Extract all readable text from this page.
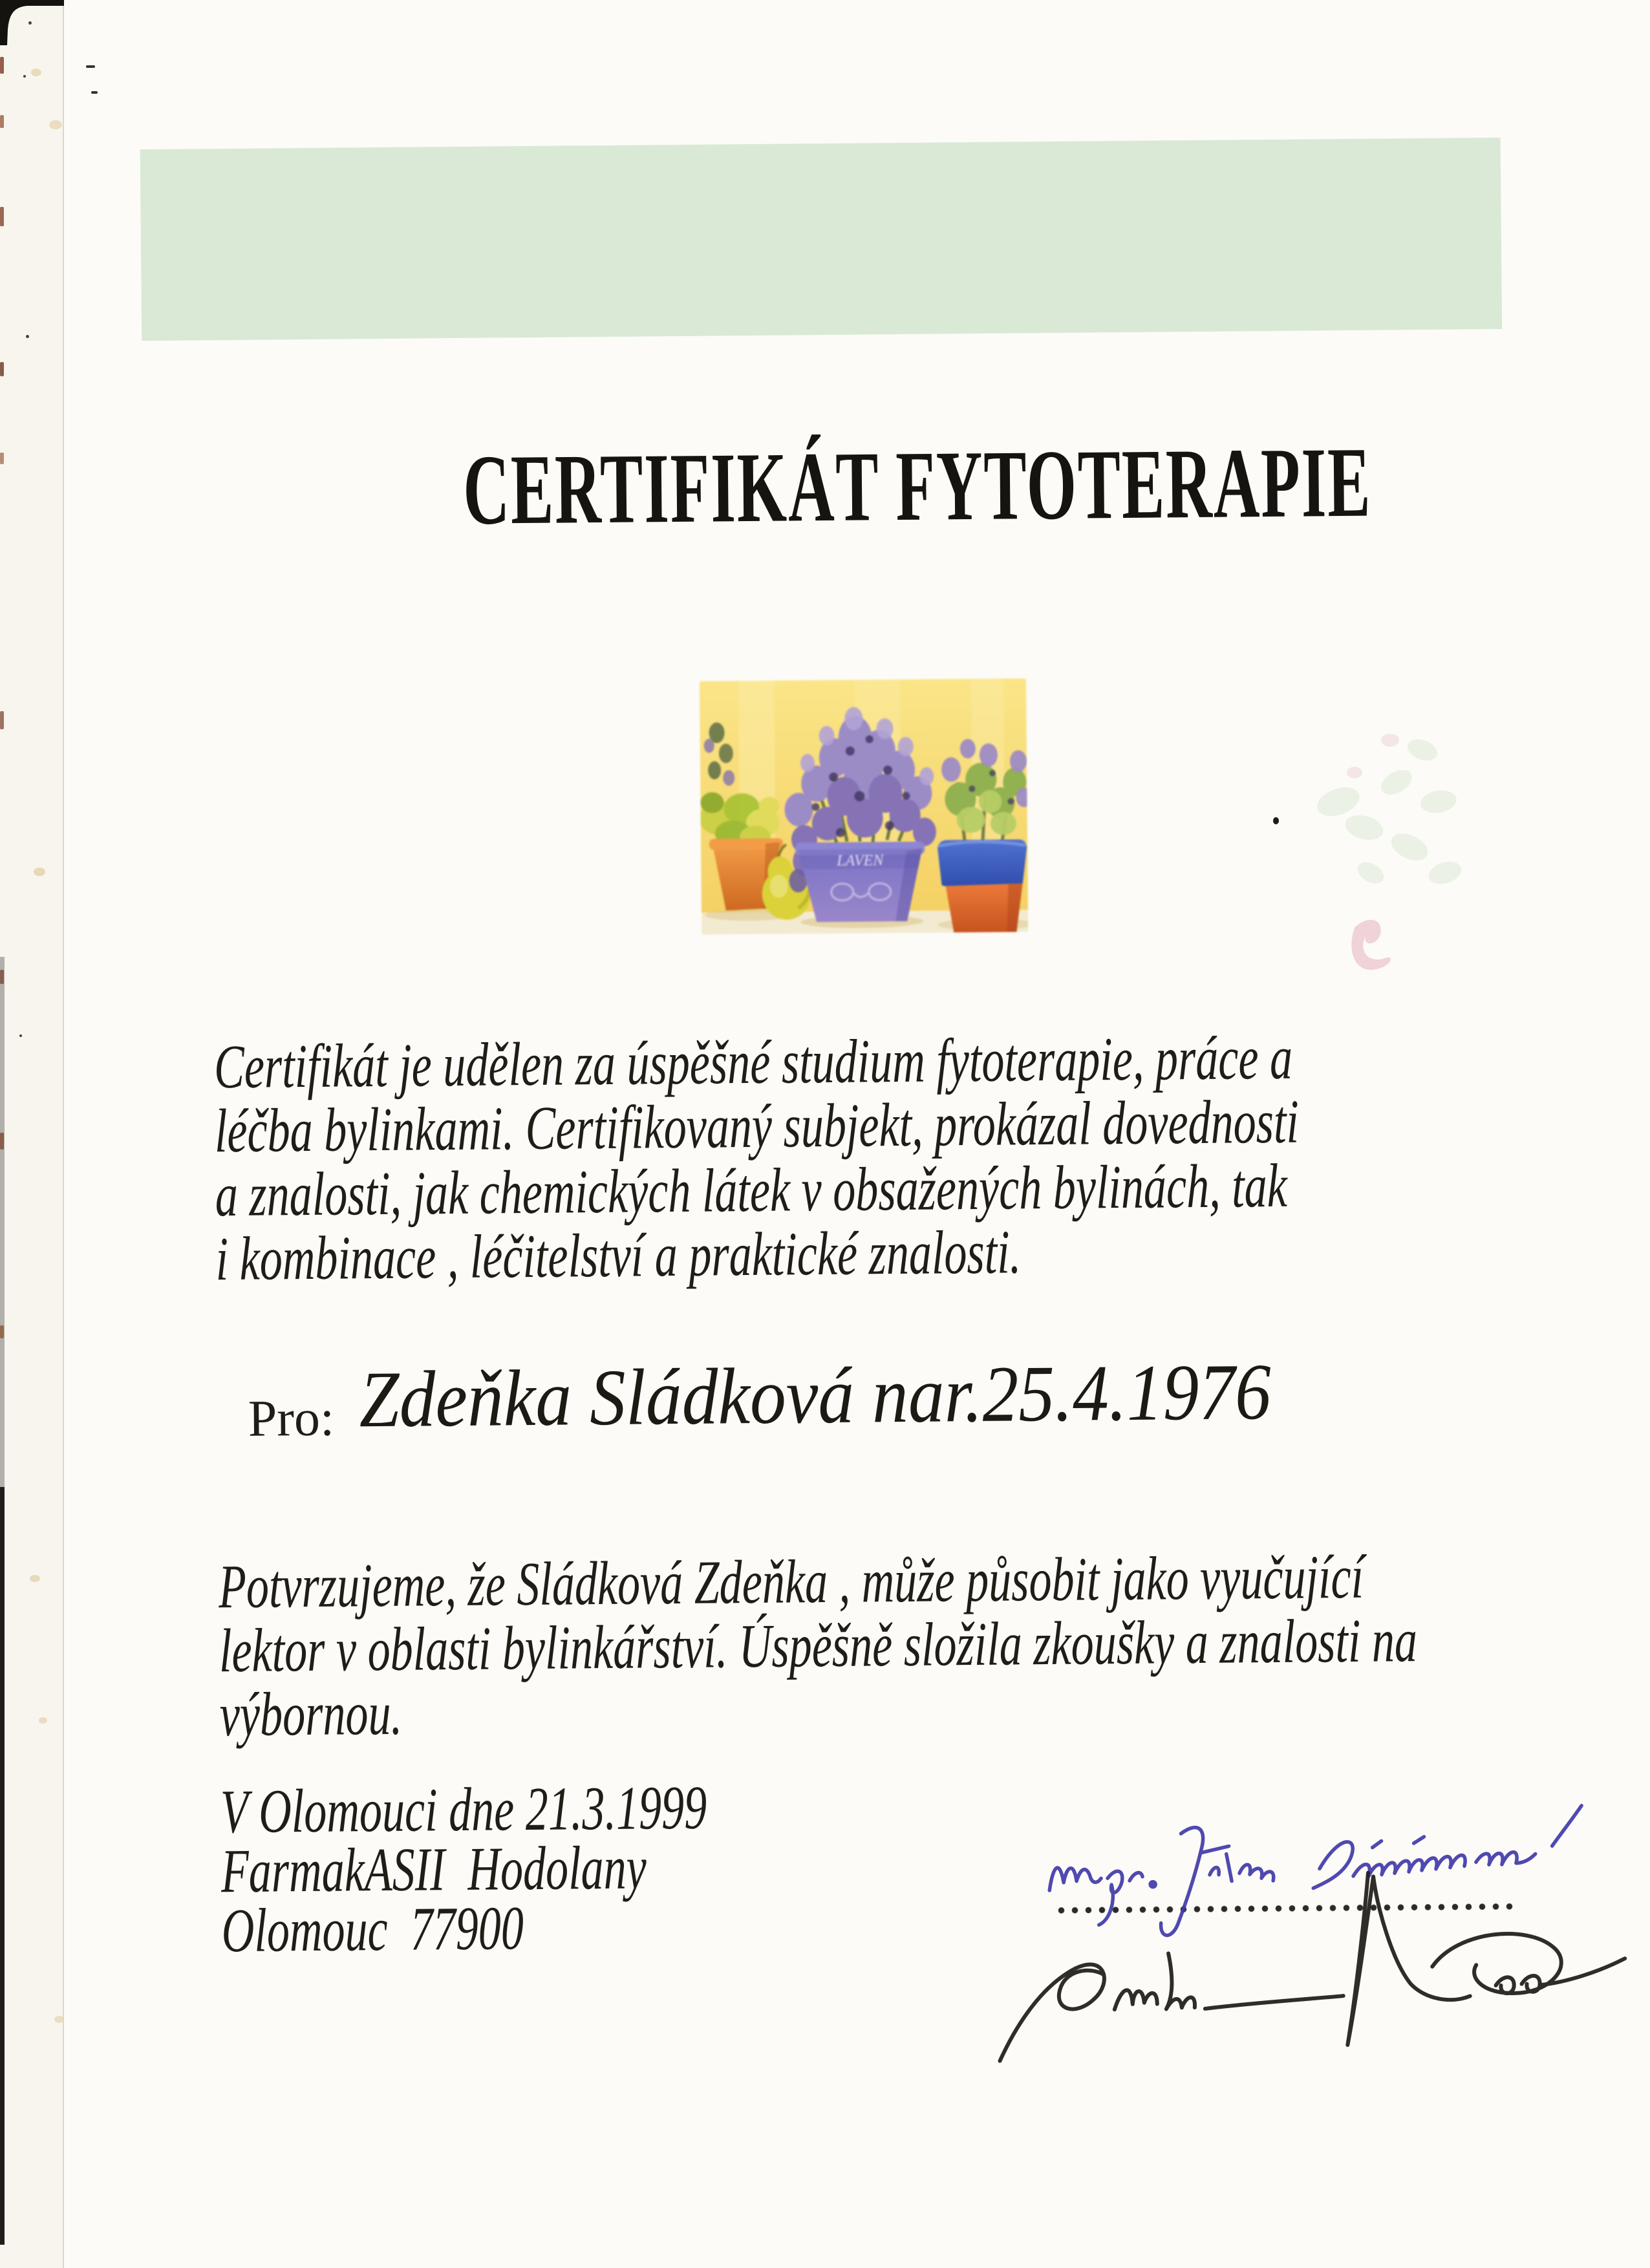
CERTIFIKÁT FYTOTERAPIE
LAVEN
Certifikát je udělen za úspěšné studium fytoterapie, práce a
léčba bylinkami. Certifikovaný subjekt, prokázal dovednosti
a znalosti, jak chemických látek v obsažených bylinách, tak
i kombinace , léčitelství a praktické znalosti.
Pro: Zdeňka Sládková nar.25.4.1976
Potvrzujeme, že Sládková Zdeňka , může působit jako vyučující
lektor v oblasti bylinkářství. Úspěšně složila zkoušky a znalosti na
výbornou.
V Olomouci dne 21.3.1999
FarmakASII  Hodolany
Olomouc  77900
